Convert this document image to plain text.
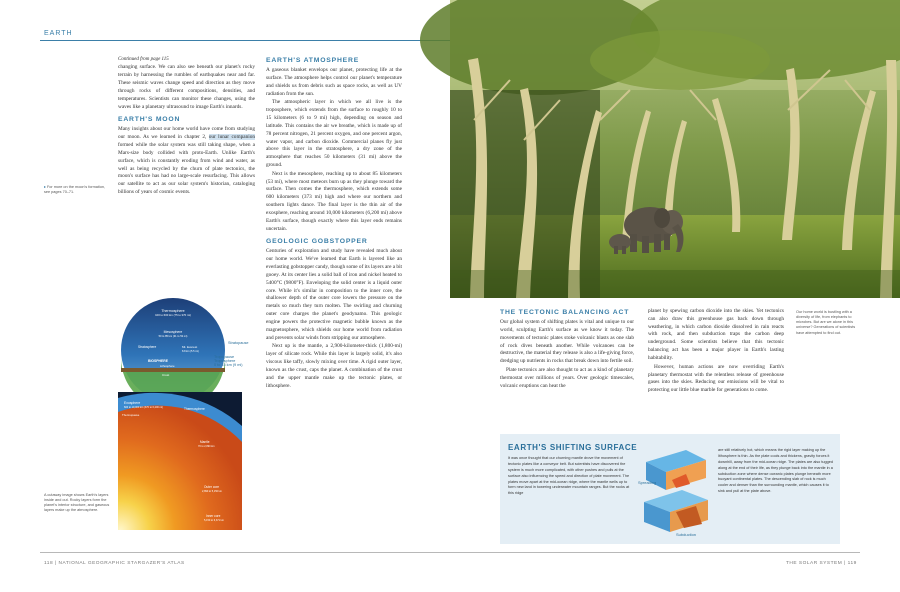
EARTH
Continued from page 115

changing surface. We can also see beneath our planet's rocky terrain by harnessing the rumbles of earthquakes near and far. These seismic waves change speed and direction as they move through rocks of different compositions, densities, and temperatures. Scientists can monitor these changes, using the waves like a planetary ultrasound to image Earth's innards.

EARTH'S MOON

Many insights about our home world have come from studying our moon. As we learned in chapter 2, our lunar companion formed while the solar system was still taking shape, when a Mars-size body collided with proto-Earth. Unlike Earth's surface, which is constantly eroding from wind and water, as well as being recycled by the churn of plate tectonics, the moon's surface has had no large-scale resurfacing. This allows our satellite to act as our solar system's historian, cataloging billions of years of cosmic events.

▸ For more on the moon's formation, see pages 70–71.
EARTH'S ATMOSPHERE

A gaseous blanket envelops our planet, protecting life at the surface. The atmosphere helps control our planet's temperature and shields us from debris such as space rocks, as well as UV radiation from the sun.

The atmospheric layer in which we all live is the troposphere, which extends from the surface to roughly 10 to 15 kilometers (6 to 9 mi) high, depending on season and latitude. This contains the air we breathe, which is made up of 78 percent nitrogen, 21 percent oxygen, and one percent argon, water vapor, and carbon dioxide. Commercial planes fly just above this layer in the stratosphere, a dry zone of the atmosphere that reaches 50 kilometers (31 mi) above the ground.

Next is the mesosphere, reaching up to about 85 kilometers (53 mi), where most meteors burn up as they plunge toward the surface. Then comes the thermosphere, which extends some 600 kilometers (373 mi) high and where our northern and southern lights dance. The final layer is the thin air of the exosphere, reaching around 10,000 kilometers (6,200 mi) above Earth's surface, though exactly where this layer ends remains uncertain.

GEOLOGIC GOBSTOPPER

Centuries of exploration and study have revealed much about our home world. We've learned that Earth is layered like an everlasting gobstopper candy, though some of its layers are a bit gooey. At its center lies a solid ball of iron and nickel heated to 5400°C (9800°F). Enveloping the solid center is a liquid outer core. While it's similar in composition to the inner core, the shallower depth of the outer core lowers the pressure on the metals so much they turn molten. The swirling and churning outer core charges the planet's geodynamo. This geologic engine powers the protective magnetic bubble known as the magnetosphere, which shields our home world from radiation and prevents solar winds from stripping our atmosphere.

Next up is the mantle, a 2,900-kilometer-thick (1,800-mi) layer of silicate rock. While this layer is largely solid, it's also viscous like taffy, slowly mixing over time. A rigid outer layer, known as the crust, caps the planet. A combination of the crust and the upper mantle make up the tectonic plates, or lithosphere.

Thermosphere
100 to 600 km (75 to 370 mi)
Mesosphere
50 to 85 km (31 to 53 mi)
Stratosphere	Mt. Everest
8.8 km (5.5 mi)
BIOSPHERE
Lithosphere
Crust
Stratopause
Tropopause
Troposphere
0 to 15 km (9 mi)
Exosphere
600 to 10,000 km (370 to 6,200 mi)	Thermosphere
Thermopause
Mantle
70 to 2,890 km
Outer core
2,890 to 5,150 km
Inner core
5,150 to 6,371 km
A cutaway image shows Earth's layers inside and out. Rocky layers form the planet's interior structure, and gaseous layers make up the atmosphere.
118 | NATIONAL GEOGRAPHIC STARGAZER'S ATLAS
THE TECTONIC BALANCING ACT

Our global system of shifting plates is vital and unique to our world, sculpting Earth's surface as we know it today. The movements of tectonic plates stoke volcanic blasts as one slab of rock dives beneath another. While volcanoes can be destructive, the material they release is also a life-giving force, dredging up nutrients in rocks that break down into fertile soil.

Plate tectonics are also thought to act as a kind of planetary thermostat over millions of years. Over geologic timescales, volcanic eruptions can heat the

planet by spewing carbon dioxide into the skies. Yet tectonics can also draw this greenhouse gas back down through weathering, in which carbon dioxide dissolved in rain reacts with rock, and then subduction traps the carbon deep underground. Some scientists believe that this tectonic balancing act has been a major player in Earth's lasting habitability.

However, human actions are now overriding Earth's planetary thermostat with the relentless release of greenhouse gases into the skies. Reducing our emissions will be vital to protecting our little blue marble for generations to come.

Our home world is bustling with a diversity of life, from elephants to microbes. But are we alone in this universe? Generations of scientists have attempted to find out.
EARTH'S SHIFTING SURFACE
It was once thought that our churning mantle drove the movement of tectonic plates like a conveyor belt. But scientists have discovered the system is much more complicated, with other pushes and pulls at the surface also influencing the speed and direction of plate movement. The plates move apart at the mid-ocean ridge, where the mantle wells up to form new land in towering underwater mountain ranges. But the rocks at this ridge
Spreading
Subduction
are still relatively hot, which means the rigid layer making up the lithosphere is thin. As the plate cools and thickens, gravity forces it downhill, away from the mid-ocean ridge. The plates are also tugged along at the end of their life, as they plunge back into the mantle in a subduction zone where dense oceanic plates plunge beneath more buoyant continental plates. The descending slab of rock is much cooler and denser than the surrounding mantle, which causes it to sink and pull at the plate above.
THE SOLAR SYSTEM | 119
